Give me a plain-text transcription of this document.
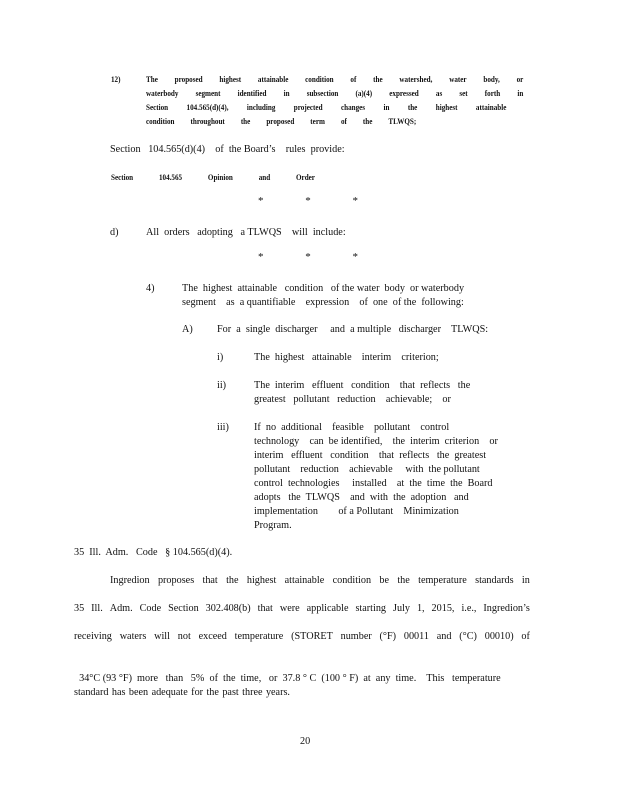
12)	The proposed highest attainable condition of the watershed, water body, or
waterbody segment identified in subsection (a)(4) expressed as set forth in
Section 104.565(d)(4), including projected changes in the highest attainable
condition throughout the proposed term of the TLWQS;
Section   104.565(d)(4)    of  the Board’s    rules  provide:
Section	104.565	Opinion	and	Order
*	*	*
d)	All  orders   adopting   a TLWQS    will  include:
*	*	*
4)	The  highest  attainable   condition   of the water  body  or waterbody
segment    as  a quantifiable    expression    of  one  of the  following:
A) For  a  single  discharger     and  a multiple   discharger    TLWQS:
i)	The  highest   attainable    interim    criterion;
ii)	The  interim   effluent   condition    that  reflects   the
greatest   pollutant   reduction    achievable;    or
iii) If  no  additional    feasible    pollutant    control
technology    can  be identified,    the  interim  criterion    or
interim   effluent   condition    that  reflects   the  greatest
pollutant    reduction    achievable     with  the pollutant
control  technologies     installed    at  the  time  the  Board
adopts   the  TLWQS    and  with  the  adoption   and
implementation        of a Pollutant    Minimization
Program.
35  Ill.  Adm.   Code   § 104.565(d)(4).
Ingredion proposes that the highest attainable condition be the temperature standards in
35 Ill. Adm. Code Section 302.408(b) that were applicable starting July 1, 2015, i.e., Ingredion’s
receiving waters will not exceed temperature (STORET number (°F) 00011 and (°C) 00010) of

34°C (93 °F)  more   than   5%  of  the  time,   or  37.8 ° C  (100 ° F)  at  any  time.    This   temperature

standard has been adequate for the past three years.
20
